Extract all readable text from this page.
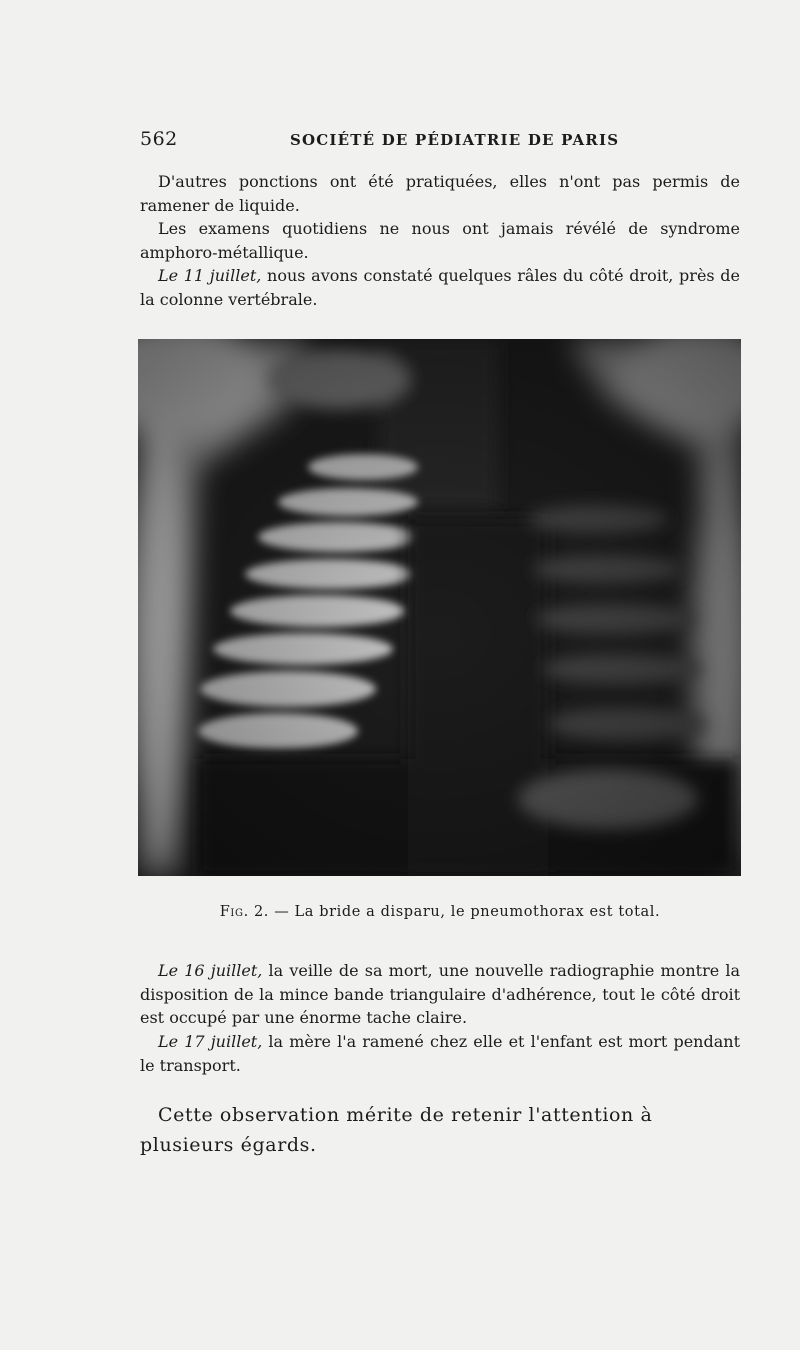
562	SOCIÉTÉ DE PÉDIATRIE DE PARIS

D'autres ponctions ont été pratiquées, elles n'ont pas permis de ramener de liquide.

Les examens quotidiens ne nous ont jamais révélé de syndrome amphoro-métallique.

Le 11 juillet, nous avons constaté quelques râles du côté droit, près de la colonne vertébrale.

Fig. 2. — La bride a disparu, le pneumothorax est total.

Le 16 juillet, la veille de sa mort, une nouvelle radiographie montre la disposition de la mince bande triangulaire d'adhérence, tout le côté droit est occupé par une énorme tache claire.

Le 17 juillet, la mère l'a ramené chez elle et l'enfant est mort pendant le transport.

Cette observation mérite de retenir l'attention à plusieurs égards.
